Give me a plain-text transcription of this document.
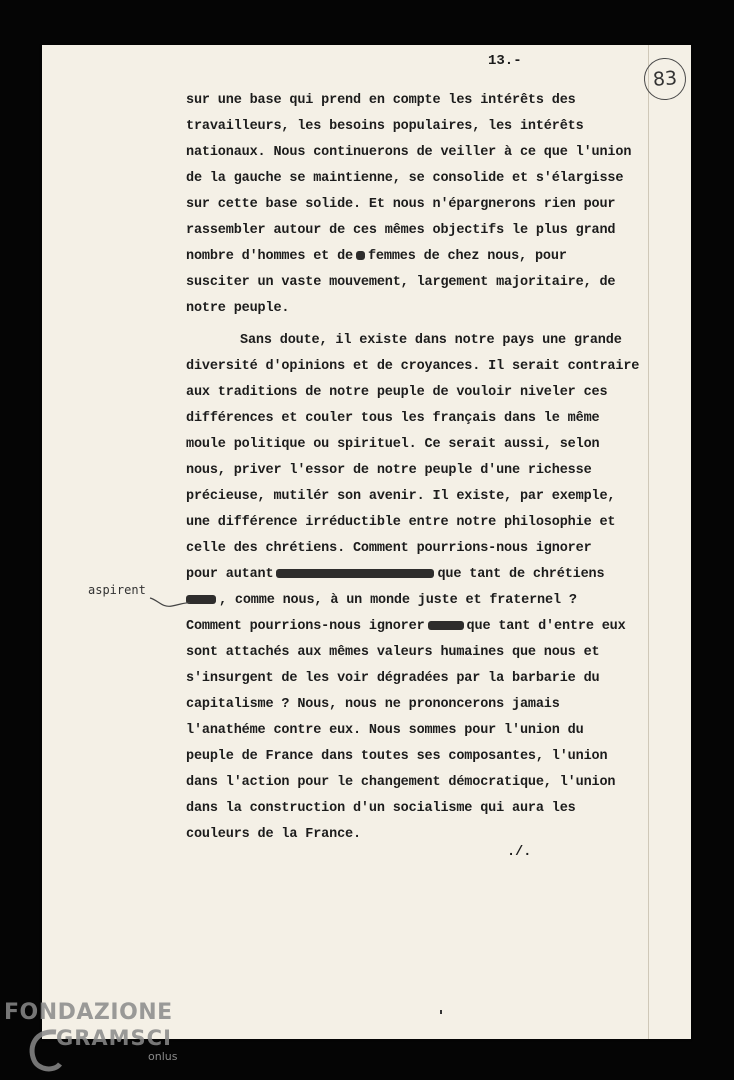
13.-
83
sur une base qui prend en compte les intérêts des
travailleurs, les besoins populaires, les intérêts
nationaux. Nous continuerons de veiller à ce que l'union
de la gauche se maintienne, se consolide et s'élargisse
sur cette base solide. Et nous n'épargnerons rien pour
rassembler autour de ces mêmes objectifs le plus grand
nombre d'hommes et de femmes de chez nous, pour
susciter un vaste mouvement, largement majoritaire, de
notre peuple.
Sans doute, il existe dans notre pays une grande
diversité d'opinions et de croyances. Il serait contraire
aux traditions de notre peuple de vouloir niveler ces
différences et couler tous les français dans le même
moule politique ou spirituel. Ce serait aussi, selon
nous, priver l'essor de notre peuple d'une richesse
précieuse, mutilér son avenir. Il existe, par exemple,
une différence irréductible entre notre philosophie et
celle des chrétiens. Comment pourrions-nous ignorer
pour autant	que tant de chrétiens
, comme nous, à un monde juste et fraternel ?
Comment pourrions-nous ignorer	que tant d'entre eux
sont attachés aux mêmes valeurs humaines que nous et
s'insurgent de les voir dégradées par la barbarie du
capitalisme ? Nous, nous ne prononcerons jamais
l'anathéme contre eux. Nous sommes pour l'union du
peuple de France dans toutes ses composantes, l'union
dans l'action pour le changement démocratique, l'union
dans la construction d'un socialisme qui aura les
couleurs de la France.
aspirent
./.
FONDAZIONE
GRAMSCI
onlus
